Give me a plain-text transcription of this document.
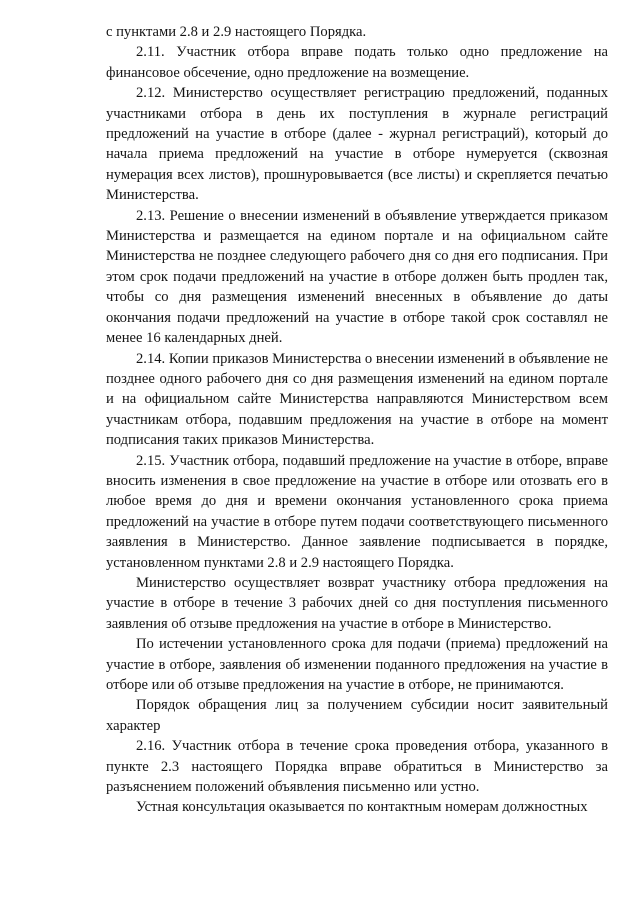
с пунктами 2.8 и 2.9 настоящего Порядка.

2.11. Участник отбора вправе подать только одно предложение на финансовое обсечение, одно предложение на возмещение.

2.12. Министерство осуществляет регистрацию предложений, поданных участниками отбора в день их поступления в журнале регистраций предложений на участие в отборе (далее - журнал регистраций), который до начала приема предложений на участие в отборе нумеруется (сквозная нумерация всех листов), прошнуровывается (все листы) и скрепляется печатью Министерства.

2.13. Решение о внесении изменений в объявление утверждается приказом Министерства и размещается на едином портале и на официальном сайте Министерства не позднее следующего рабочего дня со дня его подписания. При этом срок подачи предложений на участие в отборе должен быть продлен так, чтобы со дня размещения изменений внесенных в объявление до даты окончания подачи предложений на участие в отборе такой срок составлял не менее 16 календарных дней.

2.14. Копии приказов Министерства о внесении изменений в объявление не позднее одного рабочего дня со дня размещения изменений на едином портале и на официальном сайте Министерства направляются Министерством всем участникам отбора, подавшим предложения на участие в отборе на момент подписания таких приказов Министерства.

2.15. Участник отбора, подавший предложение на участие в отборе, вправе вносить изменения в свое предложение на участие в отборе или отозвать его в любое время до дня и времени окончания установленного срока приема предложений на участие в отборе путем подачи соответствующего письменного заявления в Министерство. Данное заявление подписывается в порядке, установленном пунктами 2.8 и 2.9 настоящего Порядка.

Министерство осуществляет возврат участнику отбора предложения на участие в отборе в течение 3 рабочих дней со дня поступления письменного заявления об отзыве предложения на участие в отборе в Министерство.

По истечении установленного срока для подачи (приема) предложений на участие в отборе, заявления об изменении поданного предложения на участие в отборе или об отзыве предложения на участие в отборе, не принимаются.

Порядок обращения лиц за получением субсидии носит заявительный характер

2.16. Участник отбора в течение срока проведения отбора, указанного в пункте 2.3 настоящего Порядка вправе обратиться в Министерство за разъяснением положений объявления письменно или устно.

Устная консультация оказывается по контактным номерам должностных
